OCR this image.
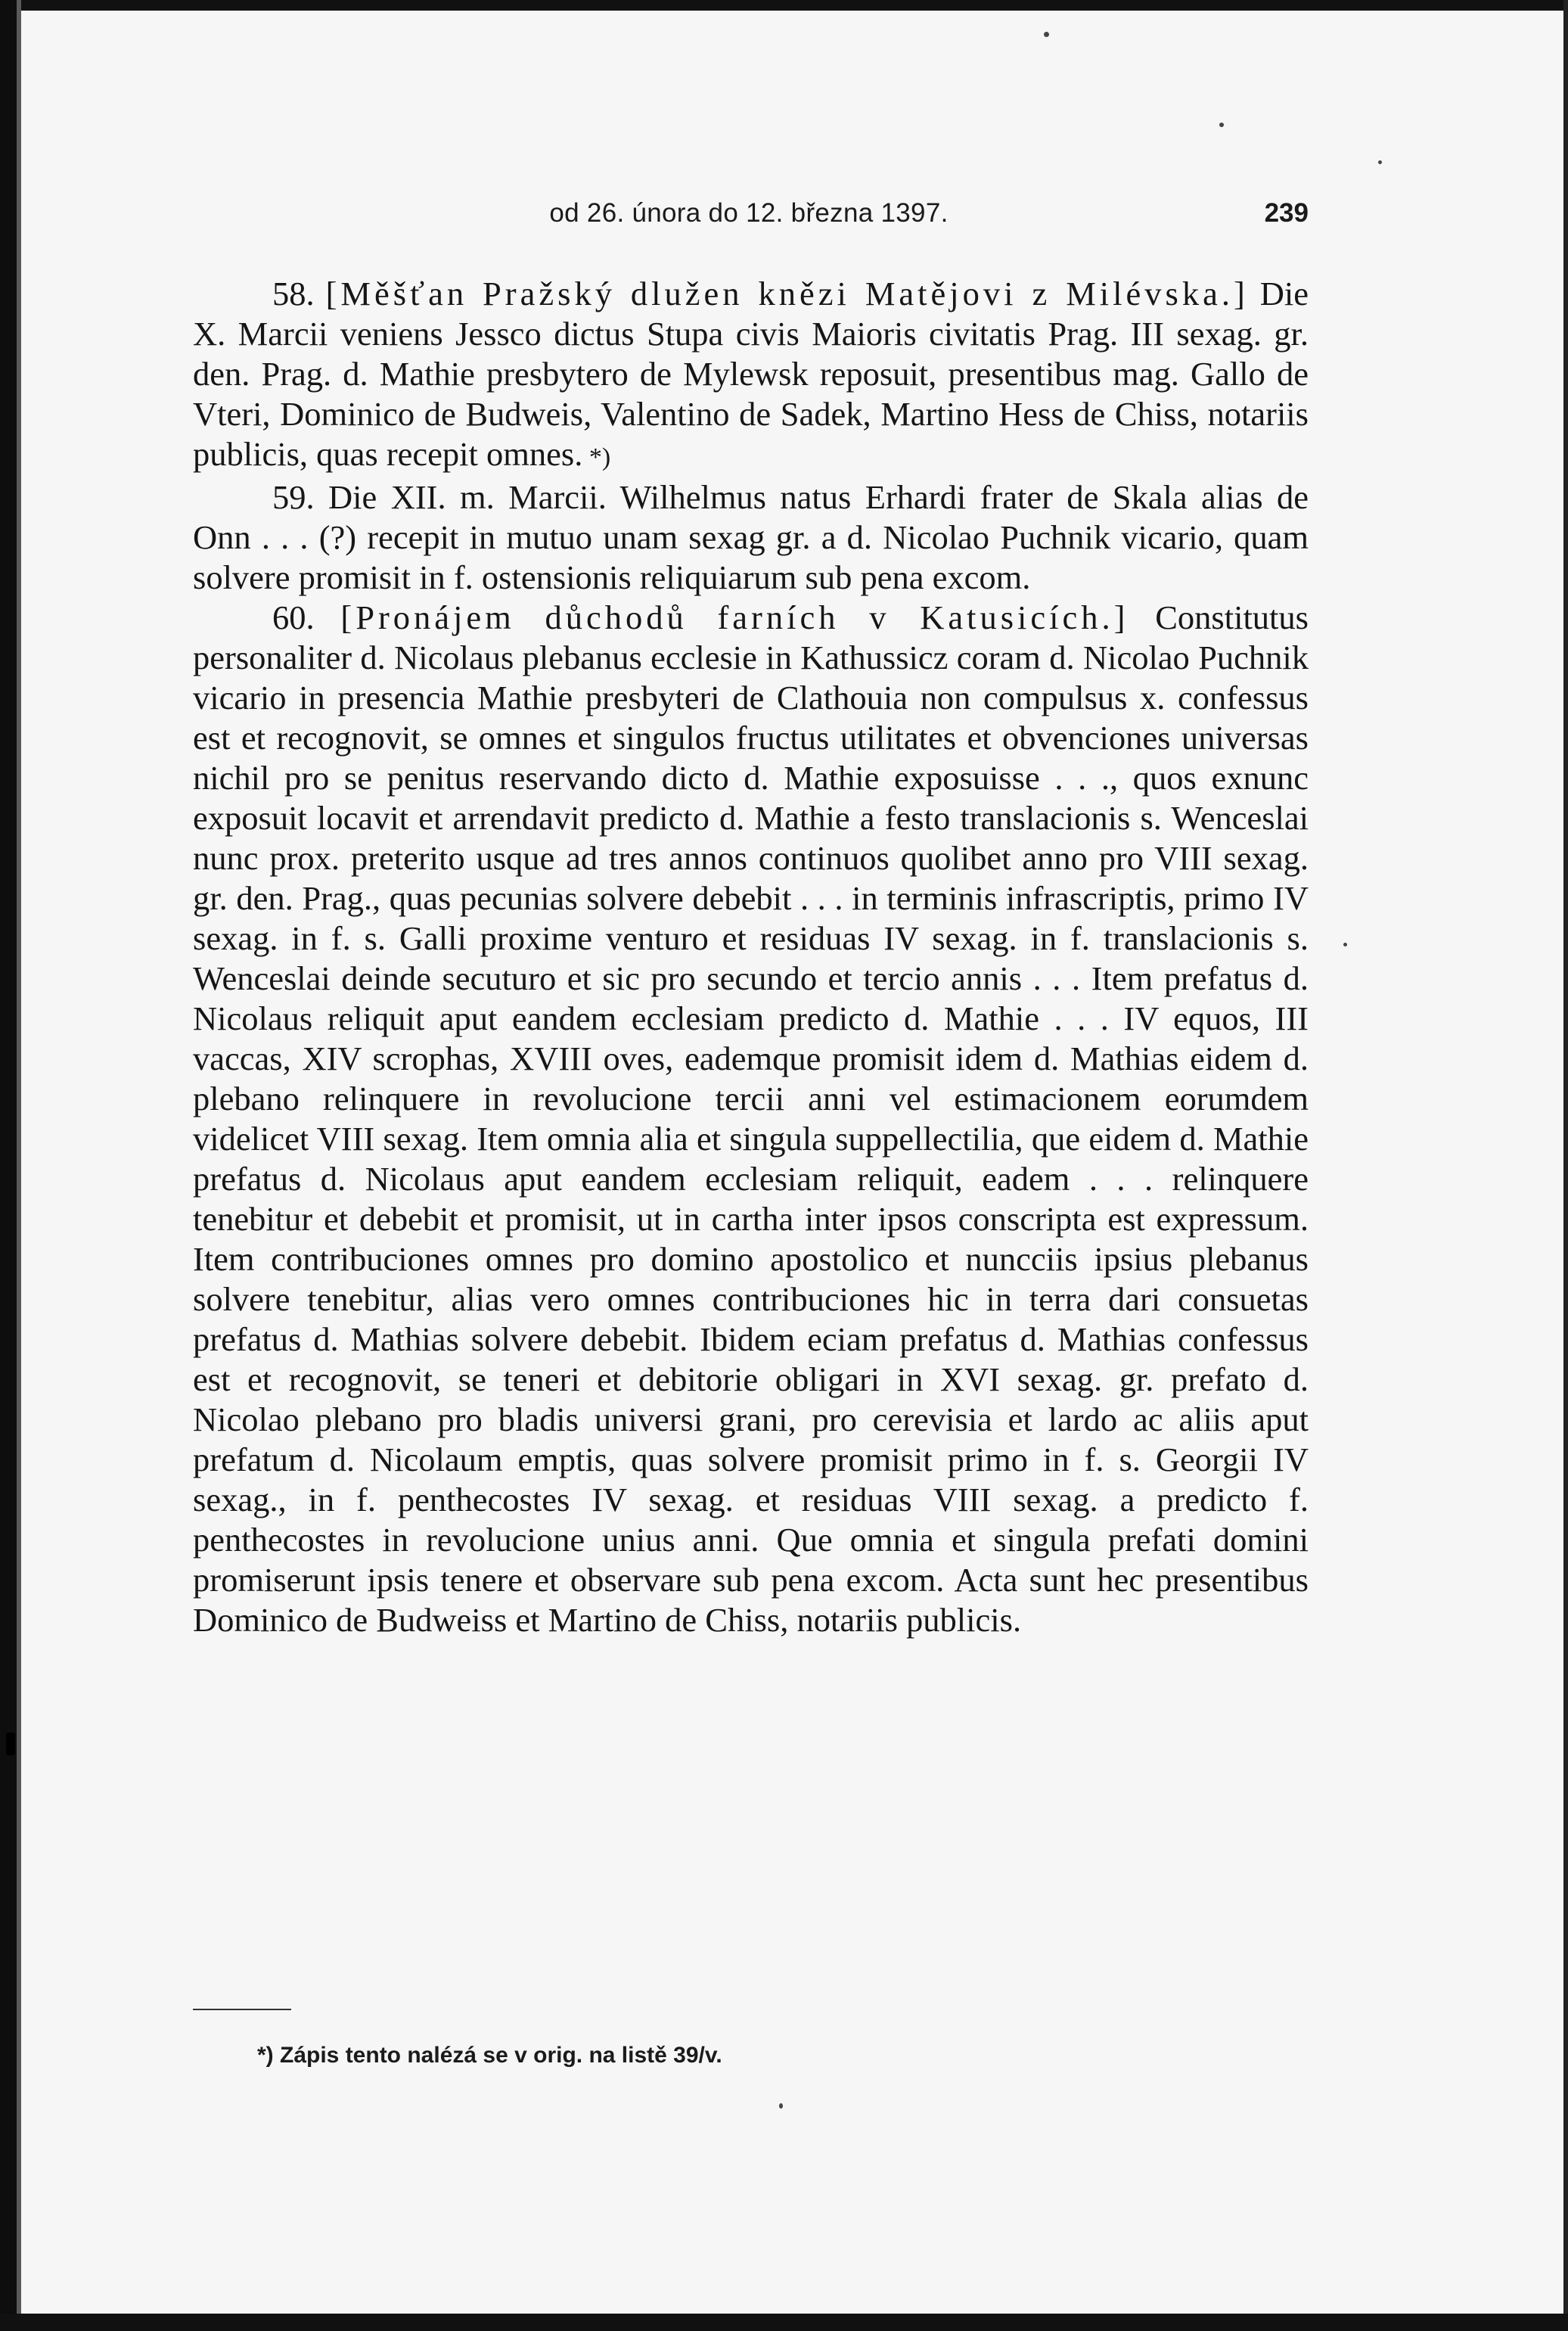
od 26. února do 12. března 1397.	239

58. [Měšťan Pražský dlužen knězi Matějovi z Milévska.] Die X. Marcii veniens Jessco dictus Stupa civis Maioris civitatis Prag. III sexag. gr. den. Prag. d. Mathie presbytero de Mylewsk reposuit, presentibus mag. Gallo de Vteri, Dominico de Budweis, Valentino de Sadek, Martino Hess de Chiss, notariis publicis, quas recepit omnes. *)

59. Die XII. m. Marcii. Wilhelmus natus Erhardi frater de Skala alias de Onn . . . (?) recepit in mutuo unam sexag gr. a d. Nicolao Puchnik vicario, quam solvere promisit in f. ostensionis reliquiarum sub pena excom.

60. [Pronájem důchodů farních v Katusicích.] Constitutus personaliter d. Nicolaus plebanus ecclesie in Kathussicz coram d. Nicolao Puchnik vicario in presencia Mathie presbyteri de Clathouia non compulsus x. confessus est et recognovit, se omnes et singulos fructus utilitates et obvenciones universas nichil pro se penitus reservando dicto d. Mathie exposuisse . . ., quos exnunc exposuit locavit et arrendavit predicto d. Mathie a festo translacionis s. Wenceslai nunc prox. preterito usque ad tres annos continuos quolibet anno pro VIII sexag. gr. den. Prag., quas pecunias solvere debebit . . . in terminis infrascriptis, primo IV sexag. in f. s. Galli proxime venturo et residuas IV sexag. in f. translacionis s. Wenceslai deinde secuturo et sic pro secundo et tercio annis . . . Item prefatus d. Nicolaus reliquit aput eandem ecclesiam predicto d. Mathie . . . IV equos, III vaccas, XIV scrophas, XVIII oves, eademque promisit idem d. Mathias eidem d. plebano relinquere in revolucione tercii anni vel estimacionem eorumdem videlicet VIII sexag. Item omnia alia et singula suppellectilia, que eidem d. Mathie prefatus d. Nicolaus aput eandem ecclesiam reliquit, eadem . . . relinquere tenebitur et debebit et promisit, ut in cartha inter ipsos conscripta est expressum. Item contribuciones omnes pro domino apostolico et nuncciis ipsius plebanus solvere tenebitur, alias vero omnes contribuciones hic in terra dari consuetas prefatus d. Mathias solvere debebit. Ibidem eciam prefatus d. Mathias confessus est et recognovit, se teneri et debitorie obligari in XVI sexag. gr. prefato d. Nicolao plebano pro bladis universi grani, pro cerevisia et lardo ac aliis aput prefatum d. Nicolaum emptis, quas solvere promisit primo in f. s. Georgii IV sexag., in f. penthecostes IV sexag. et residuas VIII sexag. a predicto f. penthecostes in revolucione unius anni. Que omnia et singula prefati domini promiserunt ipsis tenere et observare sub pena excom. Acta sunt hec presentibus Dominico de Budweiss et Martino de Chiss, notariis publicis.

*) Zápis tento nalézá se v orig. na listě 39/v.
